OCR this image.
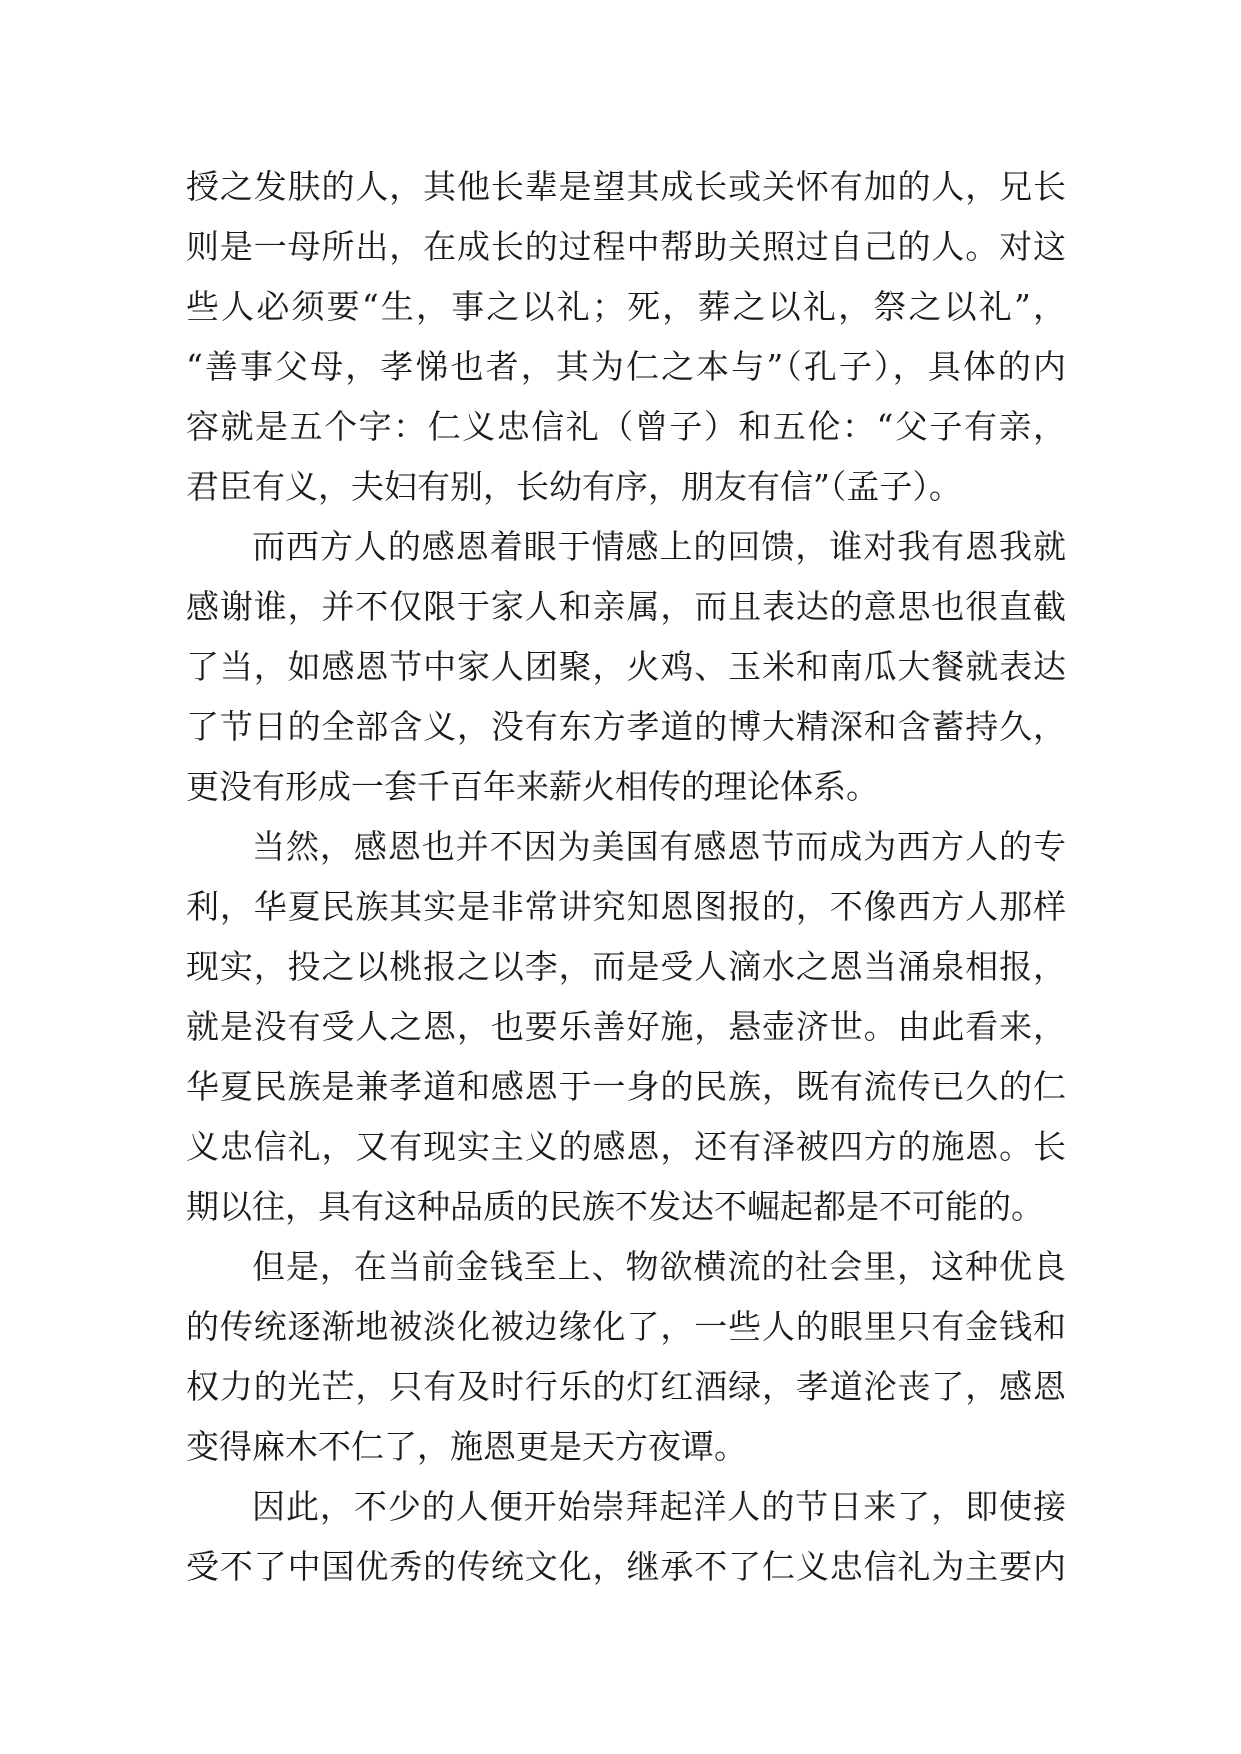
授之发肤的人，其他长辈是望其成长或关怀有加的人，兄长
则是一母所出，在成长的过程中帮助关照过自己的人。对这
些人必须要“生，事之以礼；死，葬之以礼，祭之以礼”，
“善事父母，孝悌也者，其为仁之本与”（孔子），具体的内
容就是五个字：仁义忠信礼（曾子）和五伦：“父子有亲，
君臣有义，夫妇有别，长幼有序，朋友有信”（孟子）。

而西方人的感恩着眼于情感上的回馈，谁对我有恩我就
感谢谁，并不仅限于家人和亲属，而且表达的意思也很直截
了当，如感恩节中家人团聚，火鸡、玉米和南瓜大餐就表达
了节日的全部含义，没有东方孝道的博大精深和含蓄持久，
更没有形成一套千百年来薪火相传的理论体系。

当然，感恩也并不因为美国有感恩节而成为西方人的专
利，华夏民族其实是非常讲究知恩图报的，不像西方人那样
现实，投之以桃报之以李，而是受人滴水之恩当涌泉相报，
就是没有受人之恩，也要乐善好施，悬壶济世。由此看来，
华夏民族是兼孝道和感恩于一身的民族，既有流传已久的仁
义忠信礼，又有现实主义的感恩，还有泽被四方的施恩。长
期以往，具有这种品质的民族不发达不崛起都是不可能的。

但是，在当前金钱至上、物欲横流的社会里，这种优良
的传统逐渐地被淡化被边缘化了，一些人的眼里只有金钱和
权力的光芒，只有及时行乐的灯红酒绿，孝道沦丧了，感恩
变得麻木不仁了，施恩更是天方夜谭。

因此，不少的人便开始崇拜起洋人的节日来了，即使接
受不了中国优秀的传统文化，继承不了仁义忠信礼为主要内
